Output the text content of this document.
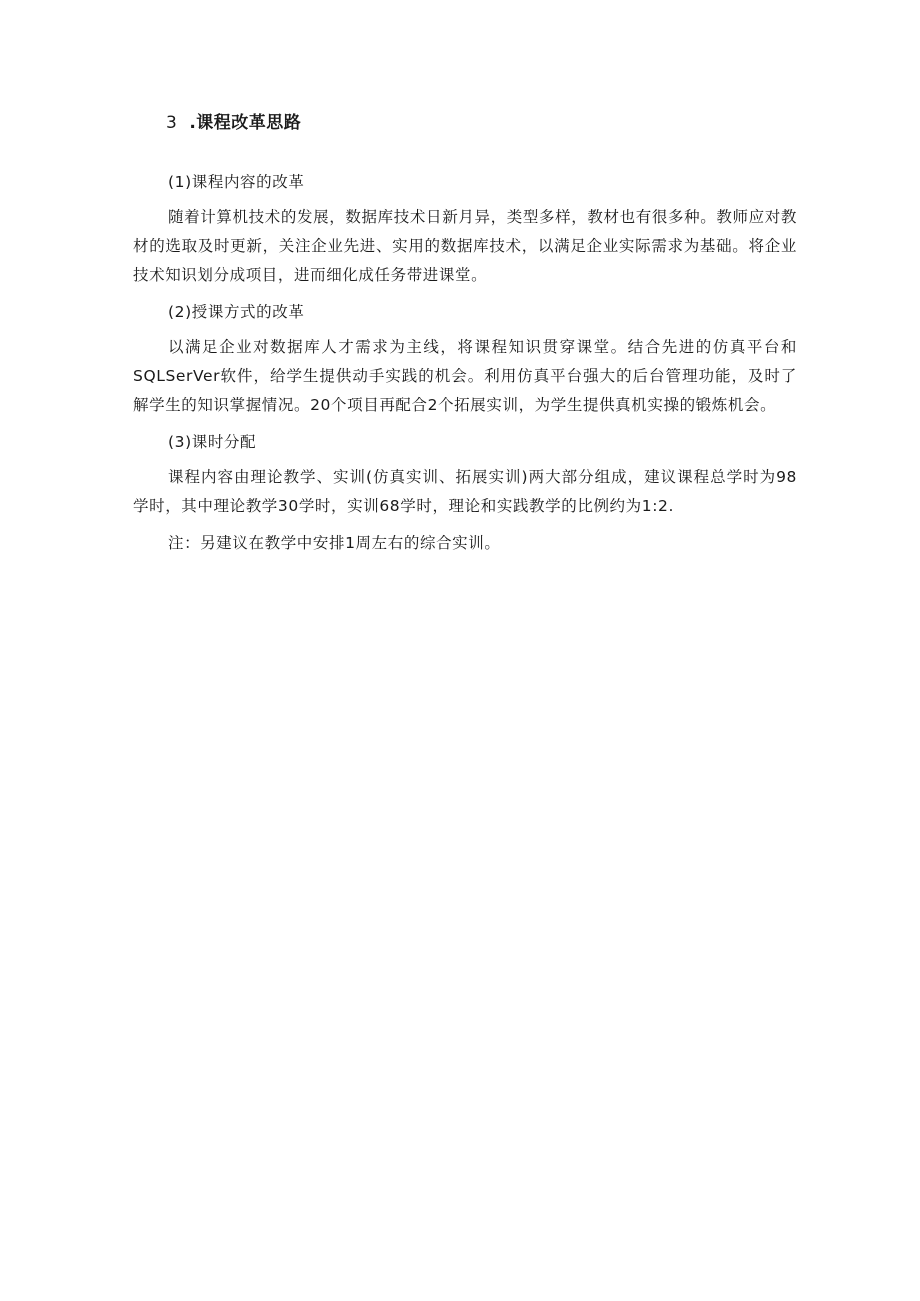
3 .课程改革思路

(1)课程内容的改革

随着计算机技术的发展，数据库技术日新月异，类型多样，教材也有很多种。教师应对教材的选取及时更新，关注企业先进、实用的数据库技术，以满足企业实际需求为基础。将企业技术知识划分成项目，进而细化成任务带进课堂。

(2)授课方式的改革

以满足企业对数据库人才需求为主线，将课程知识贯穿课堂。结合先进的仿真平台和SQLSerVer软件，给学生提供动手实践的机会。利用仿真平台强大的后台管理功能，及时了解学生的知识掌握情况。20个项目再配合2个拓展实训，为学生提供真机实操的锻炼机会。

(3)课时分配

课程内容由理论教学、实训(仿真实训、拓展实训)两大部分组成，建议课程总学时为98学时，其中理论教学30学时，实训68学时，理论和实践教学的比例约为1:2.

注：另建议在教学中安排1周左右的综合实训。
